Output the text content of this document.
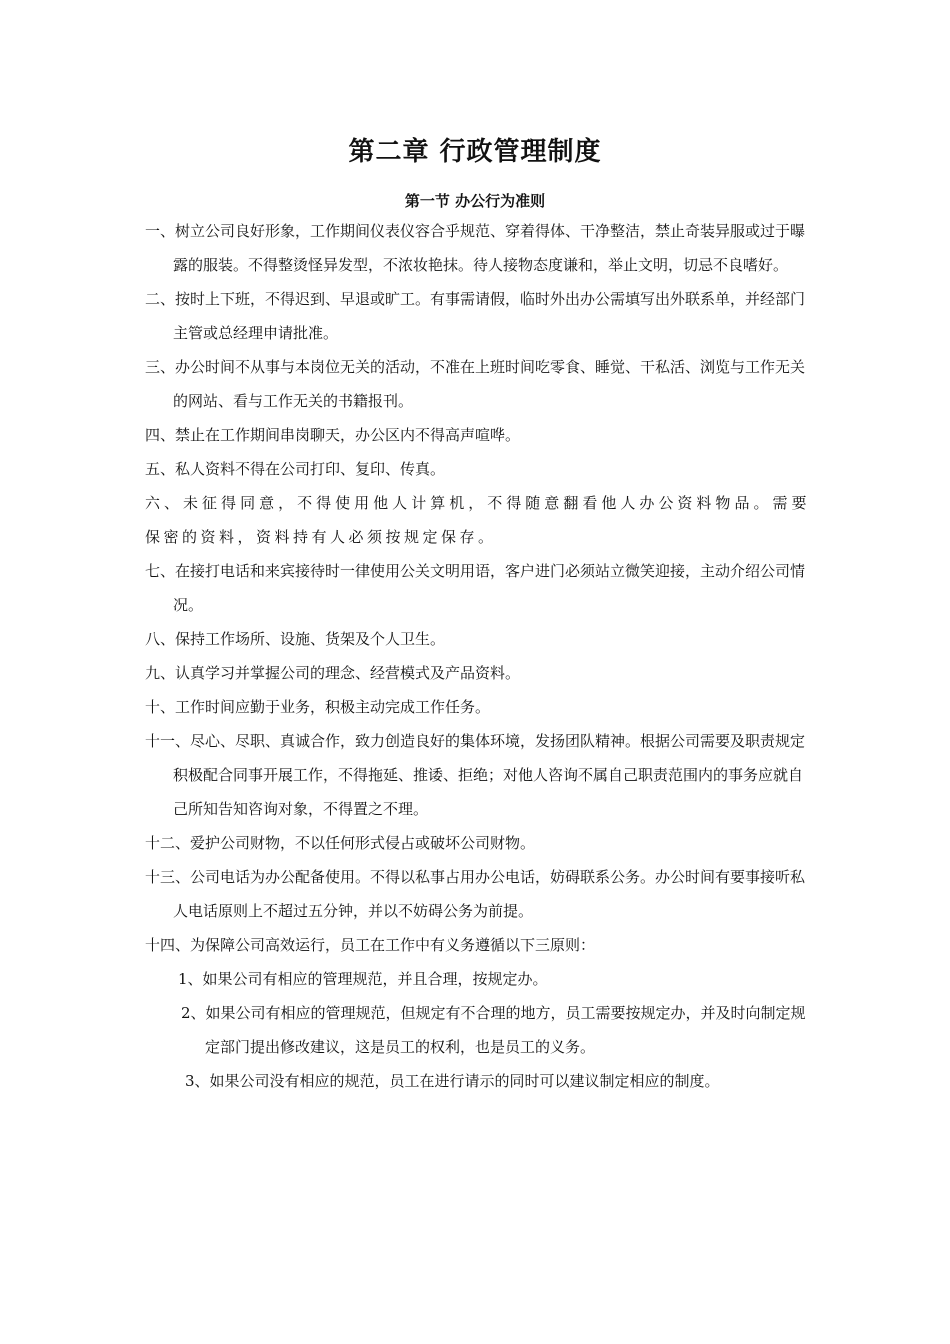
第二章 行政管理制度
第一节 办公行为准则

一、树立公司良好形象，工作期间仪表仪容合乎规范、穿着得体、干净整洁，禁止奇装异服或过于曝露的服装。不得整烫怪异发型，不浓妆艳抹。待人接物态度谦和，举止文明，切忌不良嗜好。

二、按时上下班，不得迟到、早退或旷工。有事需请假，临时外出办公需填写出外联系单，并经部门主管或总经理申请批准。

三、办公时间不从事与本岗位无关的活动，不准在上班时间吃零食、睡觉、干私活、浏览与工作无关的网站、看与工作无关的书籍报刊。

四、禁止在工作期间串岗聊天，办公区内不得高声喧哗。

五、私人资料不得在公司打印、复印、传真。

六、未征得同意，不得使用他人计算机，不得随意翻看他人办公资料物品。需要保密的资料，资料持有人必须按规定保存。

七、在接打电话和来宾接待时一律使用公关文明用语，客户进门必须站立微笑迎接，主动介绍公司情况。

八、保持工作场所、设施、货架及个人卫生。

九、认真学习并掌握公司的理念、经营模式及产品资料。

十、工作时间应勤于业务，积极主动完成工作任务。

十一、尽心、尽职、真诚合作，致力创造良好的集体环境，发扬团队精神。根据公司需要及职责规定积极配合同事开展工作，不得拖延、推诿、拒绝；对他人咨询不属自己职责范围内的事务应就自己所知告知咨询对象，不得置之不理。

十二、爱护公司财物，不以任何形式侵占或破坏公司财物。

十三、公司电话为办公配备使用。不得以私事占用办公电话，妨碍联系公务。办公时间有要事接听私人电话原则上不超过五分钟，并以不妨碍公务为前提。

十四、为保障公司高效运行，员工在工作中有义务遵循以下三原则：

1、如果公司有相应的管理规范，并且合理，按规定办。

2、如果公司有相应的管理规范，但规定有不合理的地方，员工需要按规定办，并及时向制定规定部门提出修改建议，这是员工的权利，也是员工的义务。

3、如果公司没有相应的规范，员工在进行请示的同时可以建议制定相应的制度。
